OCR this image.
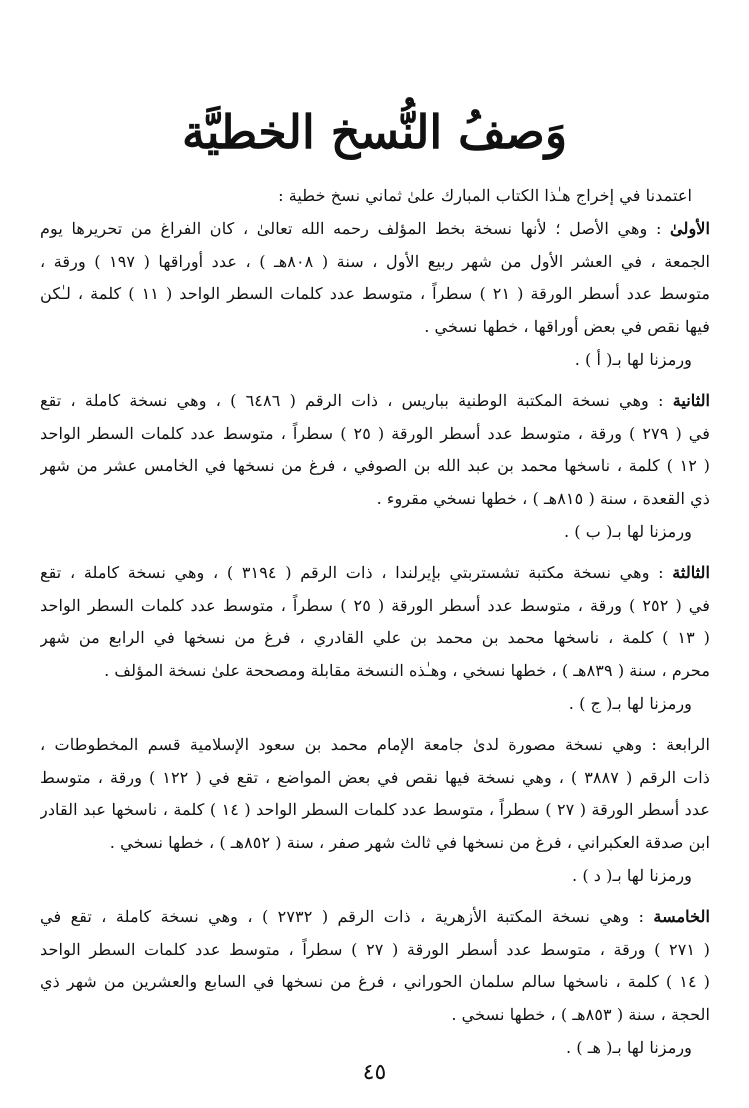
وَصفُ النُّسخ الخطيَّة
اعتمدنا في إخراج هـٰذا الكتاب المبارك علىٰ ثماني نسخ خطية :
الأولىٰ : وهي الأصل ؛ لأنها نسخة بخط المؤلف رحمه الله تعالىٰ ، كان الفراغ من تحريرها يوم
الجمعة ، في العشر الأول من شهر ربيع الأول ، سنة ( ٨٠٨هـ ) ، عدد أوراقها ( ١٩٧ ) ورقة ،
متوسط عدد أسطر الورقة ( ٢١ ) سطراً ، متوسط عدد كلمات السطر الواحد ( ١١ ) كلمة ، لـٰكن
فيها نقص في بعض أوراقها ، خطها نسخي .
ورمزنا لها بـ( أ ) .
الثانية : وهي نسخة المكتبة الوطنية بباريس ، ذات الرقم ( ٦٤٨٦ ) ، وهي نسخة كاملة ، تقع
في ( ٢٧٩ ) ورقة ، متوسط عدد أسطر الورقة ( ٢٥ ) سطراً ، متوسط عدد كلمات السطر الواحد
( ١٢ ) كلمة ، ناسخها محمد بن عبد الله بن الصوفي ، فرغ من نسخها في الخامس عشر من شهر
ذي القعدة ، سنة ( ٨١٥هـ ) ، خطها نسخي مقروء .
ورمزنا لها بـ( ب ) .
الثالثة : وهي نسخة مكتبة تشستربتي بإيرلندا ، ذات الرقم ( ٣١٩٤ ) ، وهي نسخة كاملة ، تقع
في ( ٢٥٢ ) ورقة ، متوسط عدد أسطر الورقة ( ٢٥ ) سطراً ، متوسط عدد كلمات السطر الواحد
( ١٣ ) كلمة ، ناسخها محمد بن محمد بن علي القادري ، فرغ من نسخها في الرابع من شهر
محرم ، سنة ( ٨٣٩هـ ) ، خطها نسخي ، وهـٰذه النسخة مقابلة ومصححة علىٰ نسخة المؤلف .
ورمزنا لها بـ( ج ) .
الرابعة : وهي نسخة مصورة لدىٰ جامعة الإمام محمد بن سعود الإسلامية قسم المخطوطات ،
ذات الرقم ( ٣٨٨٧ ) ، وهي نسخة فيها نقص في بعض المواضع ، تقع في ( ١٢٢ ) ورقة ، متوسط
عدد أسطر الورقة ( ٢٧ ) سطراً ، متوسط عدد كلمات السطر الواحد ( ١٤ ) كلمة ، ناسخها عبد القادر
ابن صدقة العكبراني ، فرغ من نسخها في ثالث شهر صفر ، سنة ( ٨٥٢هـ ) ، خطها نسخي .
ورمزنا لها بـ( د ) .
الخامسة : وهي نسخة المكتبة الأزهرية ، ذات الرقم ( ٢٧٣٢ ) ، وهي نسخة كاملة ، تقع في
( ٢٧١ ) ورقة ، متوسط عدد أسطر الورقة ( ٢٧ ) سطراً ، متوسط عدد كلمات السطر الواحد
( ١٤ ) كلمة ، ناسخها سالم سلمان الحوراني ، فرغ من نسخها في السابع والعشرين من شهر ذي
الحجة ، سنة ( ٨٥٣هـ ) ، خطها نسخي .
ورمزنا لها بـ( هـ ) .
٤٥
